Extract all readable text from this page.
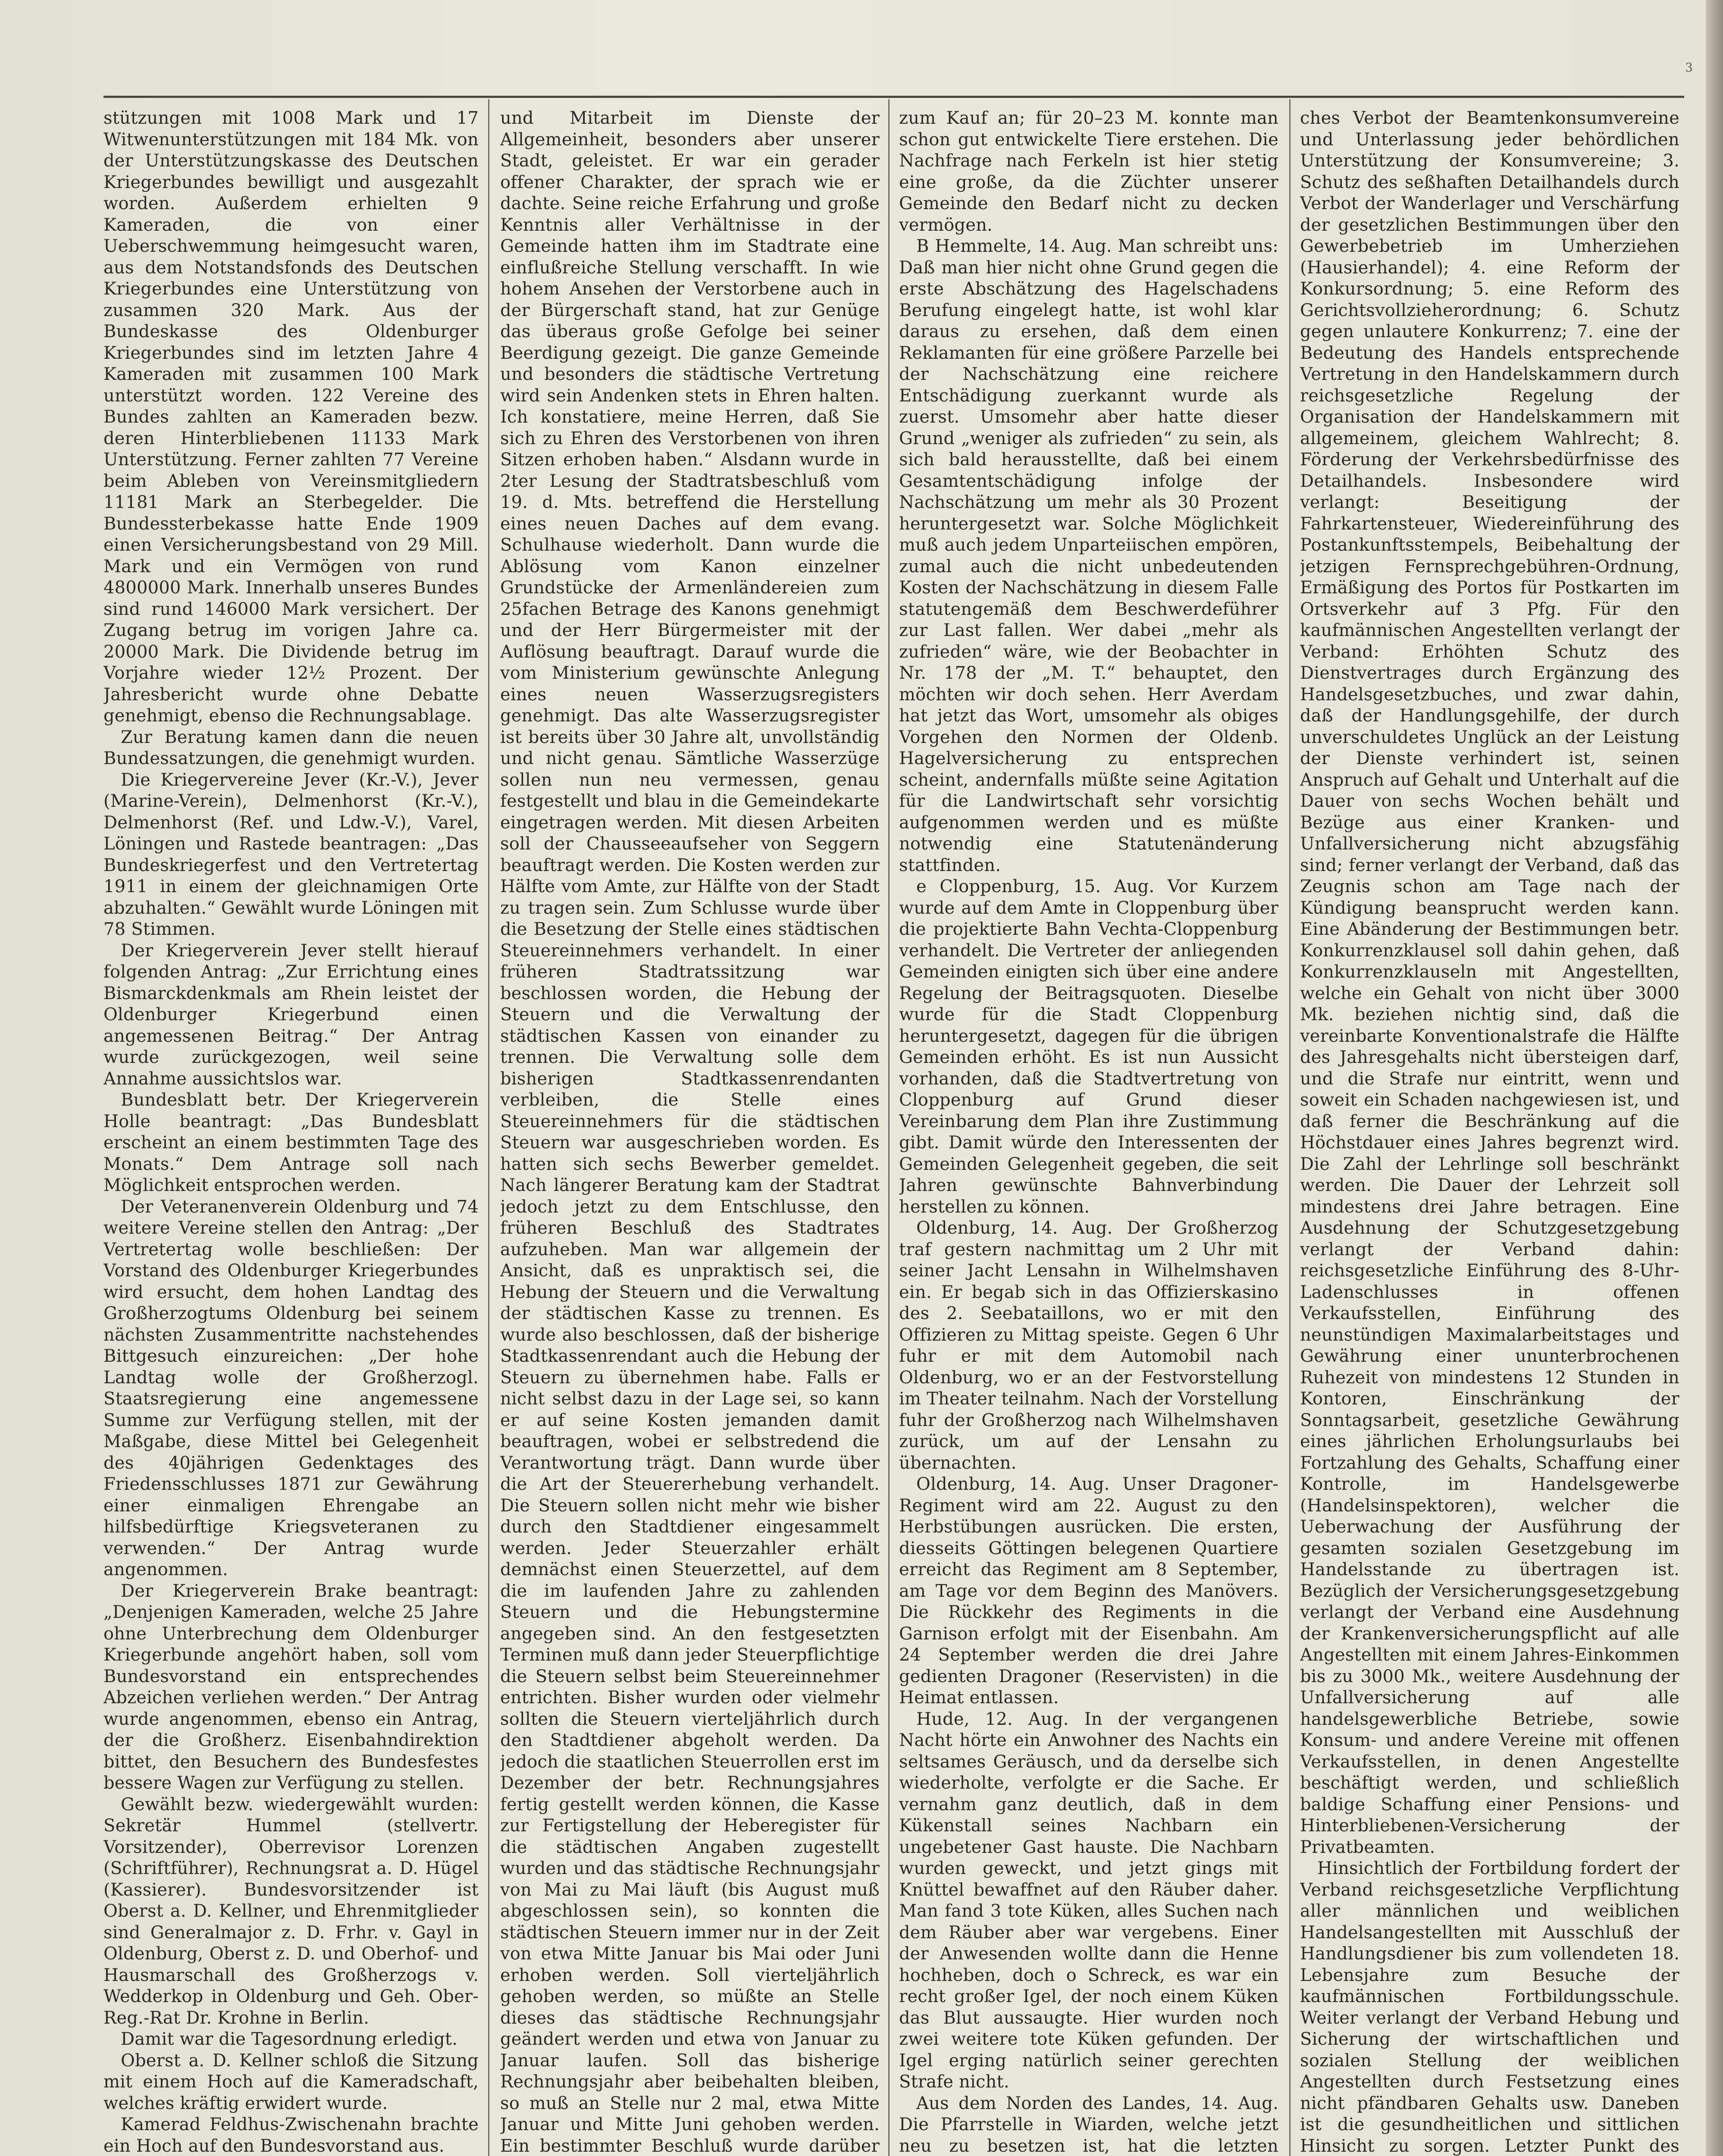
3

stützungen mit 1008 Mark und 17 Witwenunterstützungen mit 184 Mk. von der Unterstützungskasse des Deutschen Kriegerbundes bewilligt und ausgezahlt worden. Außerdem erhielten 9 Kameraden, die von einer Ueberschwemmung heimgesucht waren, aus dem Notstandsfonds des Deutschen Kriegerbundes eine Unterstützung von zusammen 320 Mark. Aus der Bundeskasse des Oldenburger Kriegerbundes sind im letzten Jahre 4 Kameraden mit zusammen 100 Mark unterstützt worden. 122 Vereine des Bundes zahlten an Kameraden bezw. deren Hinterbliebenen 11133 Mark Unterstützung. Ferner zahlten 77 Vereine beim Ableben von Vereinsmitgliedern 11181 Mark an Sterbegelder. Die Bundessterbekasse hatte Ende 1909 einen Versicherungsbestand von 29 Mill. Mark und ein Vermögen von rund 4800000 Mark. Innerhalb unseres Bundes sind rund 146000 Mark versichert. Der Zugang betrug im vorigen Jahre ca. 20000 Mark. Die Dividende betrug im Vorjahre wieder 12½ Prozent. Der Jahresbericht wurde ohne Debatte genehmigt, ebenso die Rechnungsablage.

Zur Beratung kamen dann die neuen Bundessatzungen, die genehmigt wurden.

Die Kriegervereine Jever (Kr.-V.), Jever (Marine-Verein), Delmenhorst (Kr.-V.), Delmenhorst (Ref. und Ldw.-V.), Varel, Löningen und Rastede beantragen: „Das Bundeskriegerfest und den Vertretertag 1911 in einem der gleichnamigen Orte abzuhalten.“ Gewählt wurde Löningen mit 78 Stimmen.

Der Kriegerverein Jever stellt hierauf folgenden Antrag: „Zur Errichtung eines Bismarckdenkmals am Rhein leistet der Oldenburger Kriegerbund einen angemessenen Beitrag.“ Der Antrag wurde zurückgezogen, weil seine Annahme aussichtslos war.

Bundesblatt betr. Der Kriegerverein Holle beantragt: „Das Bundesblatt erscheint an einem bestimmten Tage des Monats.“ Dem Antrage soll nach Möglichkeit entsprochen werden.

Der Veteranenverein Oldenburg und 74 weitere Vereine stellen den Antrag: „Der Vertretertag wolle beschließen: Der Vorstand des Oldenburger Kriegerbundes wird ersucht, dem hohen Landtag des Großherzogtums Oldenburg bei seinem nächsten Zusammentritte nachstehendes Bittgesuch einzureichen: „Der hohe Landtag wolle der Großherzogl. Staatsregierung eine angemessene Summe zur Verfügung stellen, mit der Maßgabe, diese Mittel bei Gelegenheit des 40jährigen Gedenktages des Friedensschlusses 1871 zur Gewährung einer einmaligen Ehrengabe an hilfsbedürftige Kriegsveteranen zu verwenden.“ Der Antrag wurde angenommen.

Der Kriegerverein Brake beantragt: „Denjenigen Kameraden, welche 25 Jahre ohne Unterbrechung dem Oldenburger Kriegerbunde angehört haben, soll vom Bundesvorstand ein entsprechendes Abzeichen verliehen werden.“ Der Antrag wurde angenommen, ebenso ein Antrag, der die Großherz. Eisenbahndirektion bittet, den Besuchern des Bundesfestes bessere Wagen zur Verfügung zu stellen.

Gewählt bezw. wiedergewählt wurden: Sekretär Hummel (stellvertr. Vorsitzender), Oberrevisor Lorenzen (Schriftführer), Rechnungsrat a. D. Hügel (Kassierer). Bundesvorsitzender ist Oberst a. D. Kellner, und Ehrenmitglieder sind Generalmajor z. D. Frhr. v. Gayl in Oldenburg, Oberst z. D. und Oberhof- und Hausmarschall des Großherzogs v. Wedderkop in Oldenburg und Geh. Ober-Reg.-Rat Dr. Krohne in Berlin.

Damit war die Tagesordnung erledigt.

Oberst a. D. Kellner schloß die Sitzung mit einem Hoch auf die Kameradschaft, welches kräftig erwidert wurde.

Kamerad Feldhus-Zwischenahn brachte ein Hoch auf den Bundesvorstand aus.

und Mitarbeit im Dienste der Allgemeinheit, besonders aber unserer Stadt, geleistet. Er war ein gerader offener Charakter, der sprach wie er dachte. Seine reiche Erfahrung und große Kenntnis aller Verhältnisse in der Gemeinde hatten ihm im Stadtrate eine einflußreiche Stellung verschafft. In wie hohem Ansehen der Verstorbene auch in der Bürgerschaft stand, hat zur Genüge das überaus große Gefolge bei seiner Beerdigung gezeigt. Die ganze Gemeinde und besonders die städtische Vertretung wird sein Andenken stets in Ehren halten. Ich konstatiere, meine Herren, daß Sie sich zu Ehren des Verstorbenen von ihren Sitzen erhoben haben.“ Alsdann wurde in 2ter Lesung der Stadtratsbeschluß vom 19. d. Mts. betreffend die Herstellung eines neuen Daches auf dem evang. Schulhause wiederholt. Dann wurde die Ablösung vom Kanon einzelner Grundstücke der Armenländereien zum 25fachen Betrage des Kanons genehmigt und der Herr Bürgermeister mit der Auflösung beauftragt. Darauf wurde die vom Ministerium gewünschte Anlegung eines neuen Wasserzugsregisters genehmigt. Das alte Wasserzugsregister ist bereits über 30 Jahre alt, unvollständig und nicht genau. Sämtliche Wasserzüge sollen nun neu vermessen, genau festgestellt und blau in die Gemeindekarte eingetragen werden. Mit diesen Arbeiten soll der Chausseeaufseher von Seggern beauftragt werden. Die Kosten werden zur Hälfte vom Amte, zur Hälfte von der Stadt zu tragen sein. Zum Schlusse wurde über die Besetzung der Stelle eines städtischen Steuereinnehmers verhandelt. In einer früheren Stadtratssitzung war beschlossen worden, die Hebung der Steuern und die Verwaltung der städtischen Kassen von einander zu trennen. Die Verwaltung solle dem bisherigen Stadtkassenrendanten verbleiben, die Stelle eines Steuereinnehmers für die städtischen Steuern war ausgeschrieben worden. Es hatten sich sechs Bewerber gemeldet. Nach längerer Beratung kam der Stadtrat jedoch jetzt zu dem Entschlusse, den früheren Beschluß des Stadtrates aufzuheben. Man war allgemein der Ansicht, daß es unpraktisch sei, die Hebung der Steuern und die Verwaltung der städtischen Kasse zu trennen. Es wurde also beschlossen, daß der bisherige Stadtkassenrendant auch die Hebung der Steuern zu übernehmen habe. Falls er nicht selbst dazu in der Lage sei, so kann er auf seine Kosten jemanden damit beauftragen, wobei er selbstredend die Verantwortung trägt. Dann wurde über die Art der Steuererhebung verhandelt. Die Steuern sollen nicht mehr wie bisher durch den Stadtdiener eingesammelt werden. Jeder Steuerzahler erhält demnächst einen Steuerzettel, auf dem die im laufenden Jahre zu zahlenden Steuern und die Hebungstermine angegeben sind. An den festgesetzten Terminen muß dann jeder Steuerpflichtige die Steuern selbst beim Steuereinnehmer entrichten. Bisher wurden oder vielmehr sollten die Steuern vierteljährlich durch den Stadtdiener abgeholt werden. Da jedoch die staatlichen Steuerrollen erst im Dezember der betr. Rechnungsjahres fertig gestellt werden können, die Kasse zur Fertigstellung der Heberegister für die städtischen Angaben zugestellt wurden und das städtische Rechnungsjahr von Mai zu Mai läuft (bis August muß abgeschlossen sein), so konnten die städtischen Steuern immer nur in der Zeit von etwa Mitte Januar bis Mai oder Juni erhoben werden. Soll vierteljährlich gehoben werden, so müßte an Stelle dieses das städtische Rechnungsjahr geändert werden und etwa von Januar zu Januar laufen. Soll das bisherige Rechnungsjahr aber beibehalten bleiben, so muß an Stelle nur 2 mal, etwa Mitte Januar und Mitte Juni gehoben werden. Ein bestimmter Beschluß wurde darüber

zum Kauf an; für 20–23 M. konnte man schon gut entwickelte Tiere erstehen. Die Nachfrage nach Ferkeln ist hier stetig eine große, da die Züchter unserer Gemeinde den Bedarf nicht zu decken vermögen.

B Hemmelte, 14. Aug. Man schreibt uns: Daß man hier nicht ohne Grund gegen die erste Abschätzung des Hagelschadens Berufung eingelegt hatte, ist wohl klar daraus zu ersehen, daß dem einen Reklamanten für eine größere Parzelle bei der Nachschätzung eine reichere Entschädigung zuerkannt wurde als zuerst. Umsomehr aber hatte dieser Grund „weniger als zufrieden“ zu sein, als sich bald herausstellte, daß bei einem Gesamtentschädigung infolge der Nachschätzung um mehr als 30 Prozent heruntergesetzt war. Solche Möglichkeit muß auch jedem Unparteiischen empören, zumal auch die nicht unbedeutenden Kosten der Nachschätzung in diesem Falle statutengemäß dem Beschwerdeführer zur Last fallen. Wer dabei „mehr als zufrieden“ wäre, wie der Beobachter in Nr. 178 der „M. T.“ behauptet, den möchten wir doch sehen. Herr Averdam hat jetzt das Wort, umsomehr als obiges Vorgehen den Normen der Oldenb. Hagelversicherung zu entsprechen scheint, andernfalls müßte seine Agitation für die Landwirtschaft sehr vorsichtig aufgenommen werden und es müßte notwendig eine Statutenänderung stattfinden.

e Cloppenburg, 15. Aug. Vor Kurzem wurde auf dem Amte in Cloppenburg über die projektierte Bahn Vechta-Cloppenburg verhandelt. Die Vertreter der anliegenden Gemeinden einigten sich über eine andere Regelung der Beitragsquoten. Dieselbe wurde für die Stadt Cloppenburg heruntergesetzt, dagegen für die übrigen Gemeinden erhöht. Es ist nun Aussicht vorhanden, daß die Stadtvertretung von Cloppenburg auf Grund dieser Vereinbarung dem Plan ihre Zustimmung gibt. Damit würde den Interessenten der Gemeinden Gelegenheit gegeben, die seit Jahren gewünschte Bahnverbindung herstellen zu können.

Oldenburg, 14. Aug. Der Großherzog traf gestern nachmittag um 2 Uhr mit seiner Jacht Lensahn in Wilhelmshaven ein. Er begab sich in das Offizierskasino des 2. Seebataillons, wo er mit den Offizieren zu Mittag speiste. Gegen 6 Uhr fuhr er mit dem Automobil nach Oldenburg, wo er an der Festvorstellung im Theater teilnahm. Nach der Vorstellung fuhr der Großherzog nach Wilhelmshaven zurück, um auf der Lensahn zu übernachten.

Oldenburg, 14. Aug. Unser Dragoner-Regiment wird am 22. August zu den Herbstübungen ausrücken. Die ersten, diesseits Göttingen belegenen Quartiere erreicht das Regiment am 8 September, am Tage vor dem Beginn des Manövers. Die Rückkehr des Regiments in die Garnison erfolgt mit der Eisenbahn. Am 24 September werden die drei Jahre gedienten Dragoner (Reservisten) in die Heimat entlassen.

Hude, 12. Aug. In der vergangenen Nacht hörte ein Anwohner des Nachts ein seltsames Geräusch, und da derselbe sich wiederholte, verfolgte er die Sache. Er vernahm ganz deutlich, daß in dem Kükenstall seines Nachbarn ein ungebetener Gast hauste. Die Nachbarn wurden geweckt, und jetzt gings mit Knüttel bewaffnet auf den Räuber daher. Man fand 3 tote Küken, alles Suchen nach dem Räuber aber war vergebens. Einer der Anwesenden wollte dann die Henne hochheben, doch o Schreck, es war ein recht großer Igel, der noch einem Küken das Blut aussaugte. Hier wurden noch zwei weitere tote Küken gefunden. Der Igel erging natürlich seiner gerechten Strafe nicht.

Aus dem Norden des Landes, 14. Aug. Die Pfarrstelle in Wiarden, welche jetzt neu zu besetzen ist, hat die letzten

ches Verbot der Beamtenkonsumvereine und Unterlassung jeder behördlichen Unterstützung der Konsumvereine; 3. Schutz des seßhaften Detailhandels durch Verbot der Wanderlager und Verschärfung der gesetzlichen Bestimmungen über den Gewerbebetrieb im Umherziehen (Hausierhandel); 4. eine Reform der Konkursordnung; 5. eine Reform des Gerichtsvollzieherordnung; 6. Schutz gegen unlautere Konkurrenz; 7. eine der Bedeutung des Handels entsprechende Vertretung in den Handelskammern durch reichsgesetzliche Regelung der Organisation der Handelskammern mit allgemeinem, gleichem Wahlrecht; 8. Förderung der Verkehrsbedürfnisse des Detailhandels. Insbesondere wird verlangt: Beseitigung der Fahrkartensteuer, Wiedereinführung des Postankunftsstempels, Beibehaltung der jetzigen Fernsprechgebühren-Ordnung, Ermäßigung des Portos für Postkarten im Ortsverkehr auf 3 Pfg. Für den kaufmännischen Angestellten verlangt der Verband: Erhöhten Schutz des Dienstvertrages durch Ergänzung des Handelsgesetzbuches, und zwar dahin, daß der Handlungsgehilfe, der durch unverschuldetes Unglück an der Leistung der Dienste verhindert ist, seinen Anspruch auf Gehalt und Unterhalt auf die Dauer von sechs Wochen behält und Bezüge aus einer Kranken- und Unfallversicherung nicht abzugsfähig sind; ferner verlangt der Verband, daß das Zeugnis schon am Tage nach der Kündigung beansprucht werden kann. Eine Abänderung der Bestimmungen betr. Konkurrenzklausel soll dahin gehen, daß Konkurrenzklauseln mit Angestellten, welche ein Gehalt von nicht über 3000 Mk. beziehen nichtig sind, daß die vereinbarte Konventionalstrafe die Hälfte des Jahresgehalts nicht übersteigen darf, und die Strafe nur eintritt, wenn und soweit ein Schaden nachgewiesen ist, und daß ferner die Beschränkung auf die Höchstdauer eines Jahres begrenzt wird. Die Zahl der Lehrlinge soll beschränkt werden. Die Dauer der Lehrzeit soll mindestens drei Jahre betragen. Eine Ausdehnung der Schutzgesetzgebung verlangt der Verband dahin: reichsgesetzliche Einführung des 8-Uhr-Ladenschlusses in offenen Verkaufsstellen, Einführung des neunstündigen Maximalarbeitstages und Gewährung einer ununterbrochenen Ruhezeit von mindestens 12 Stunden in Kontoren, Einschränkung der Sonntagsarbeit, gesetzliche Gewährung eines jährlichen Erholungsurlaubs bei Fortzahlung des Gehalts, Schaffung einer Kontrolle, im Handelsgewerbe (Handelsinspektoren), welcher die Ueberwachung der Ausführung der gesamten sozialen Gesetzgebung im Handelsstande zu übertragen ist. Bezüglich der Versicherungsgesetzgebung verlangt der Verband eine Ausdehnung der Krankenversicherungspflicht auf alle Angestellten mit einem Jahres-Einkommen bis zu 3000 Mk., weitere Ausdehnung der Unfallversicherung auf alle handelsgewerbliche Betriebe, sowie Konsum- und andere Vereine mit offenen Verkaufsstellen, in denen Angestellte beschäftigt werden, und schließlich baldige Schaffung einer Pensions- und Hinterbliebenen-Versicherung der Privatbeamten.

Hinsichtlich der Fortbildung fordert der Verband reichsgesetzliche Verpflichtung aller männlichen und weiblichen Handelsangestellten mit Ausschluß der Handlungsdiener bis zum vollendeten 18. Lebensjahre zum Besuche der kaufmännischen Fortbildungsschule. Weiter verlangt der Verband Hebung und Sicherung der wirtschaftlichen und sozialen Stellung der weiblichen Angestellten durch Festsetzung eines nicht pfändbaren Gehalts usw. Daneben ist die gesundheitlichen und sittlichen Hinsicht zu sorgen. Letzter Punkt des
